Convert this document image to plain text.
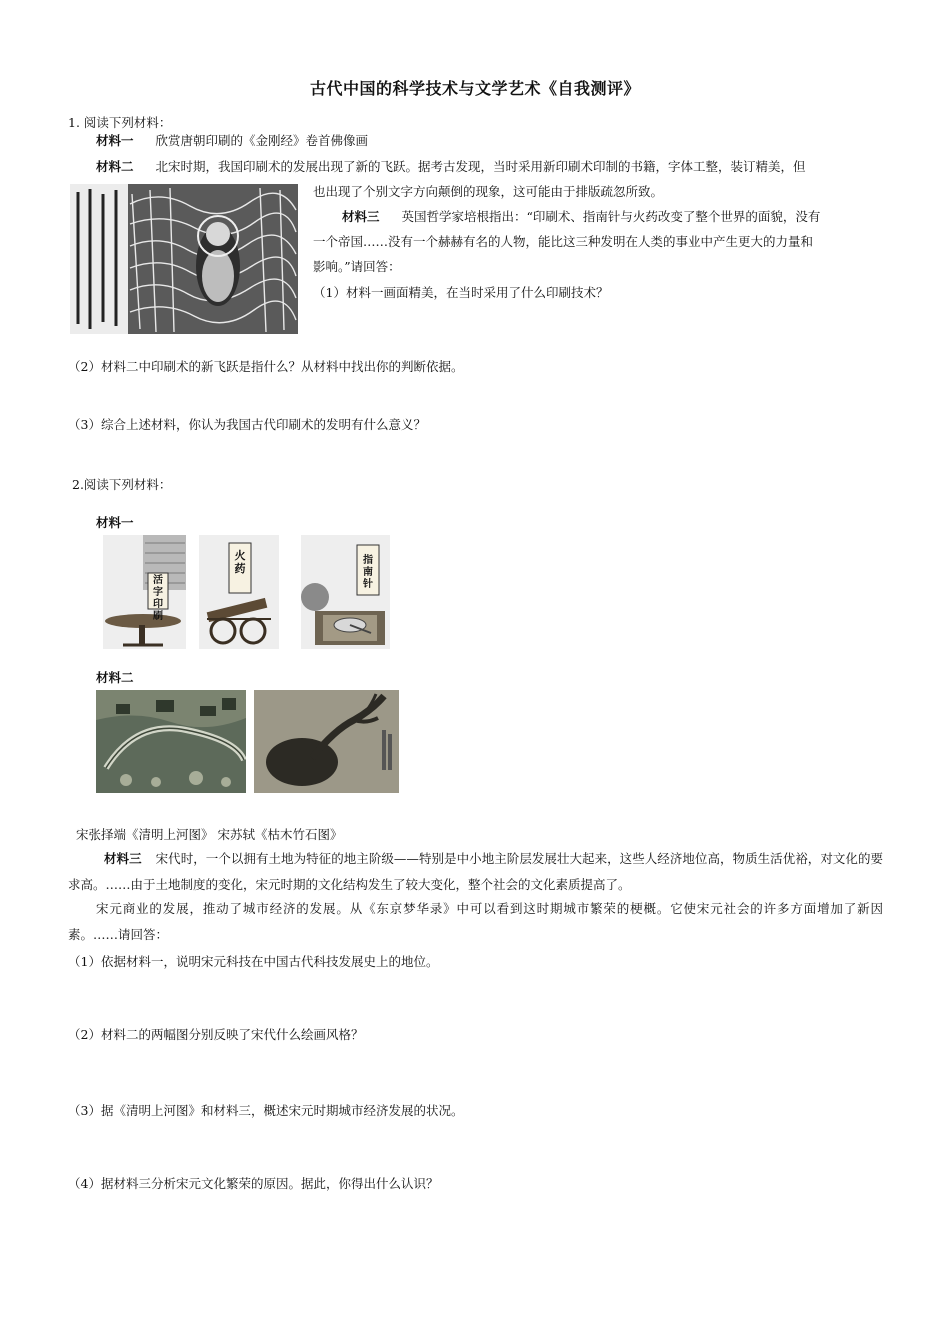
古代中国的科学技术与文学艺术《自我测评》
1. 阅读下列材料：
材料一 欣赏唐朝印刷的《金刚经》卷首佛像画
材料二 北宋时期，我国印刷术的发展出现了新的飞跃。据考古发现，当时采用新印刷术印制的书籍，字体工整，装订精美，但
也出现了个别文字方向颠倒的现象，这可能由于排版疏忽所致。
材料三 英国哲学家培根指出：“印刷术、指南针与火药改变了整个世界的面貌，没有
一个帝国……没有一个赫赫有名的人物，能比这三种发明在人类的事业中产生更大的力量和
影响。”请回答：
（1）材料一画面精美，在当时采用了什么印刷技术？
（2）材料二中印刷术的新飞跃是指什么？从材料中找出你的判断依据。
（3）综合上述材料，你认为我国古代印刷术的发明有什么意义？
2.阅读下列材料：
材料一
活字印刷
火药
指南针
材料二
宋张择端《清明上河图》 宋苏轼《枯木竹石图》
材料三 宋代时，一个以拥有土地为特征的地主阶级——特别是中小地主阶层发展壮大起来，这些人经济地位高，物质生活优裕，对文化的要求高。……由于土地制度的变化，宋元时期的文化结构发生了较大变化，整个社会的文化素质提高了。
宋元商业的发展，推动了城市经济的发展。从《东京梦华录》中可以看到这时期城市繁荣的梗概。它使宋元社会的许多方面增加了新因素。……请回答：
（1）依据材料一，说明宋元科技在中国古代科技发展史上的地位。
（2）材料二的两幅图分别反映了宋代什么绘画风格？
（3）据《清明上河图》和材料三，概述宋元时期城市经济发展的状况。
（4）据材料三分析宋元文化繁荣的原因。据此，你得出什么认识？
